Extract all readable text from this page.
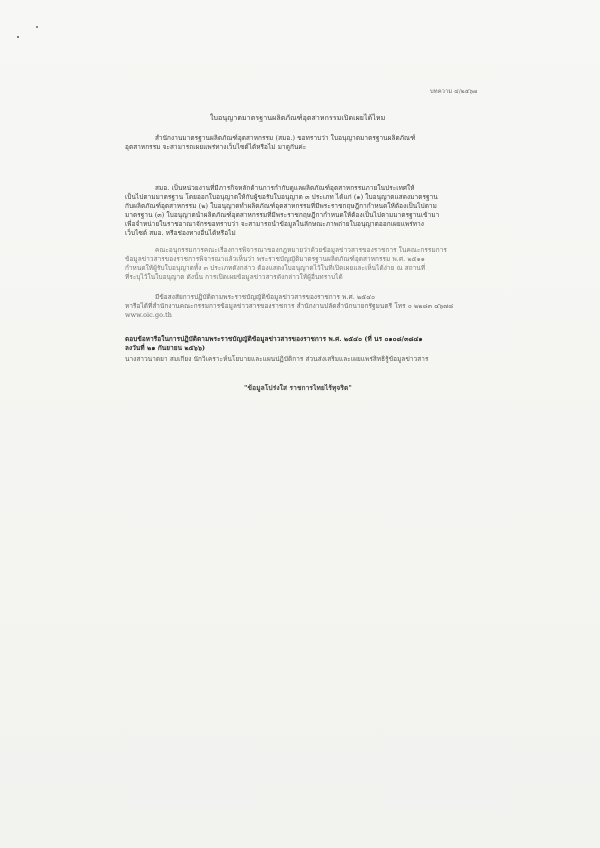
บทความ ๔/๒๕๖๗
ใบอนุญาตมาตรฐานผลิตภัณฑ์อุตสาหกรรมเปิดเผยได้ไหม
สำนักงานมาตรฐานผลิตภัณฑ์อุตสาหกรรม (สมอ.) ขอทราบว่า ใบอนุญาตมาตรฐานผลิตภัณฑ์
อุตสาหกรรม จะสามารถเผยแพร่ทางเว็บไซต์ได้หรือไม่ มาดูกันค่ะ
สมอ. เป็นหน่วยงานที่มีภารกิจหลักด้านการกำกับดูแลผลิตภัณฑ์อุตสาหกรรมภายในประเทศให้
เป็นไปตามมาตรฐาน โดยออกใบอนุญาตให้กับผู้ขอรับใบอนุญาต ๓ ประเภท ได้แก่ (๑) ใบอนุญาตแสดงมาตรฐาน
กับผลิตภัณฑ์อุตสาหกรรม (๒) ใบอนุญาตทำผลิตภัณฑ์อุตสาหกรรมที่มีพระราชกฤษฎีกากำหนดให้ต้องเป็นไปตาม
มาตรฐาน (๓) ใบอนุญาตนำผลิตภัณฑ์อุตสาหกรรมที่มีพระราชกฤษฎีกากำหนดให้ต้องเป็นไปตามมาตรฐานเข้ามา
เพื่อจำหน่ายในราชอาณาจักรขอทราบว่า จะสามารถนำข้อมูลในลักษณะภาพถ่ายใบอนุญาตออกเผยแพร่ทาง
เว็บไซต์ สมอ. หรือช่องทางอื่นได้หรือไม่
คณะอนุกรรมการคณะเรื่องการพิจารณาของกฎหมายว่าด้วยข้อมูลข่าวสารของราชการ ในคณะกรรมการ
ข้อมูลข่าวสารของราชการพิจารณาแล้วเห็นว่า พระราชบัญญัติมาตรฐานผลิตภัณฑ์อุตสาหกรรม พ.ศ. ๒๕๑๑
กำหนดให้ผู้รับใบอนุญาตทั้ง ๓ ประเภทดังกล่าว ต้องแสดงใบอนุญาตไว้ในที่เปิดเผยและเห็นได้ง่าย ณ สถานที่
ที่ระบุไว้ในใบอนุญาต ดังนั้น การเปิดเผยข้อมูลข่าวสารดังกล่าวให้ผู้อื่นทราบได้
มีข้อสงสัยการปฏิบัติตามพระราชบัญญัติข้อมูลข่าวสารของราชการ พ.ศ. ๒๕๔๐
หารือได้ที่สำนักงานคณะกรรมการข้อมูลข่าวสารของราชการ สำนักงานปลัดสำนักนายกรัฐมนตรี โทร ๐ ๒๒๘๓ ๔๖๗๘
www.oic.go.th
ตอบข้อหารือในการปฏิบัติตามพระราชบัญญัติข้อมูลข่าวสารของราชการ พ.ศ. ๒๕๔๐ (ที่ นร ๐๑๐๘/๓๘๔๑
ลงวันที่ ๒๑ กันยายน ๒๕๖๖)
นางสาวนาตยา สมเกียง นักวิเคราะห์นโยบายและแผนปฏิบัติการ ส่วนส่งเสริมและเผยแพร่สิทธิรู้ข้อมูลข่าวสาร
"ข้อมูลโปร่งใส ราชการไทยไร้ทุจริต"
